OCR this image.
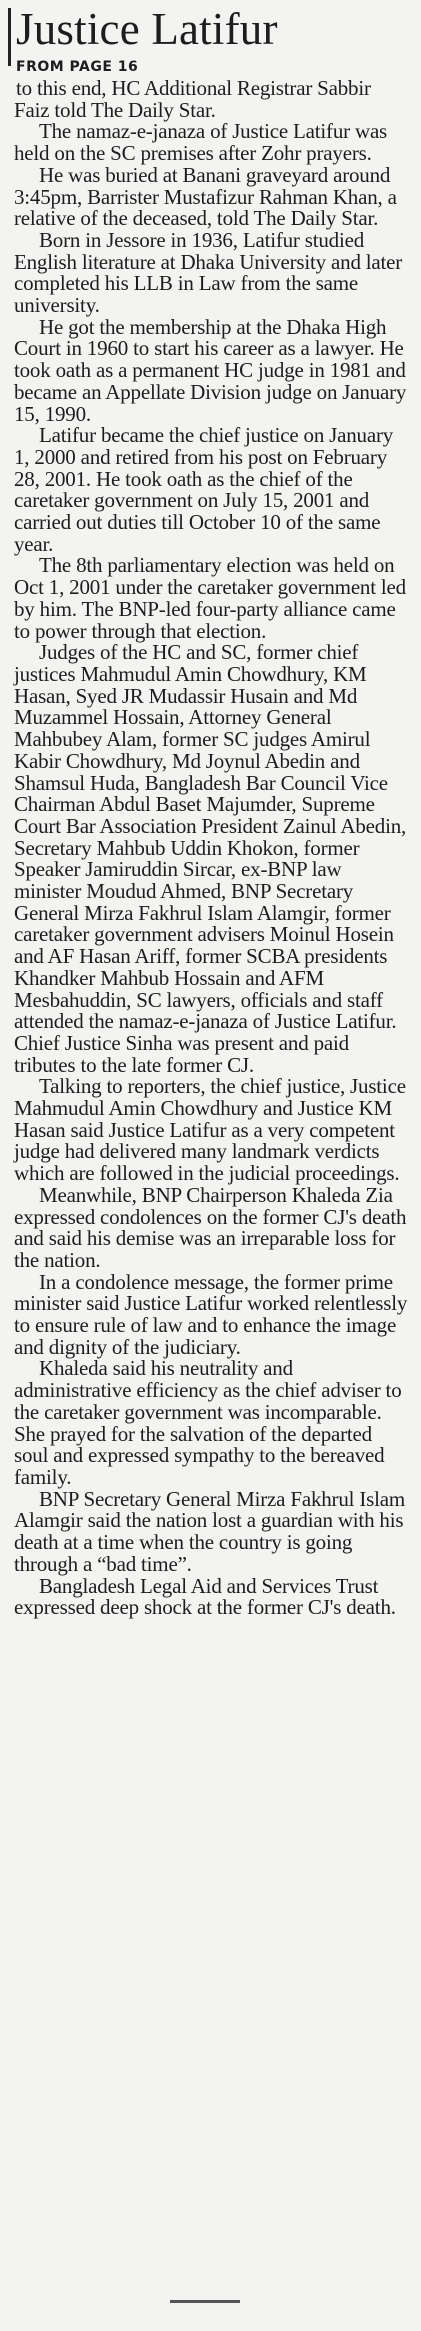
Justice Latifur
FROM PAGE 16

to this end, HC Additional Registrar Sabbir Faiz told The Daily Star.

The namaz-e-janaza of Justice Latifur was held on the SC premises after Zohr prayers.

He was buried at Banani graveyard around 3:45pm, Barrister Mustafizur Rahman Khan, a relative of the deceased, told The Daily Star.

Born in Jessore in 1936, Latifur studied English literature at Dhaka University and later completed his LLB in Law from the same university.

He got the membership at the Dhaka High Court in 1960 to start his career as a lawyer. He took oath as a permanent HC judge in 1981 and became an Appellate Division judge on January 15, 1990.

Latifur became the chief justice on January 1, 2000 and retired from his post on February 28, 2001. He took oath as the chief of the caretaker government on July 15, 2001 and carried out duties till October 10 of the same year.

The 8th parliamentary election was held on Oct 1, 2001 under the caretaker government led by him. The BNP-led four-party alliance came to power through that election.

Judges of the HC and SC, former chief justices Mahmudul Amin Chowdhury, KM Hasan, Syed JR Mudassir Husain and Md Muzammel Hossain, Attorney General Mahbubey Alam, former SC judges Amirul Kabir Chowdhury, Md Joynul Abedin and Shamsul Huda, Bangladesh Bar Council Vice Chairman Abdul Baset Majumder, Supreme Court Bar Association President Zainul Abedin, Secretary Mahbub Uddin Khokon, former Speaker Jamiruddin Sircar, ex-BNP law minister Moudud Ahmed, BNP Secretary General Mirza Fakhrul Islam Alamgir, former caretaker government advisers Moinul Hosein and AF Hasan Ariff, former SCBA presidents Khandker Mahbub Hossain and AFM Mesbahuddin, SC lawyers, officials and staff attended the namaz-e-janaza of Justice Latifur. Chief Justice Sinha was present and paid tributes to the late former CJ.

Talking to reporters, the chief justice, Justice Mahmudul Amin Chowdhury and Justice KM Hasan said Justice Latifur as a very competent judge had delivered many landmark verdicts which are followed in the judicial proceedings.

Meanwhile, BNP Chairperson Khaleda Zia expressed condolences on the former CJ's death and said his demise was an irreparable loss for the nation.

In a condolence message, the former prime minister said Justice Latifur worked relentlessly to ensure rule of law and to enhance the image and dignity of the judiciary.

Khaleda said his neutrality and administrative efficiency as the chief adviser to the caretaker government was incomparable. She prayed for the salvation of the departed soul and expressed sympathy to the bereaved family.

BNP Secretary General Mirza Fakhrul Islam Alamgir said the nation lost a guardian with his death at a time when the country is going through a “bad time”.

Bangladesh Legal Aid and Services Trust expressed deep shock at the former CJ's death.
